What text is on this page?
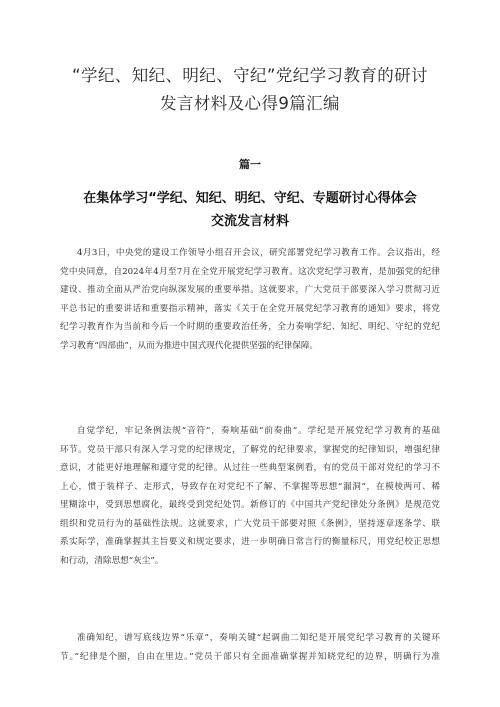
“学纪、知纪、明纪、守纪”党纪学习教育的研讨
发言材料及心得9篇汇编
篇一
在集体学习“学纪、知纪、明纪、守纪、专题研讨心得体会
交流发言材料
4月3日，中央党的建设工作领导小组召开会议，研究部署党纪学习教育工作。会议指出，经
党中央同意，自2024年4月至7月在全党开展党纪学习教育。这次党纪学习教育，是加强党的纪律
建设、推动全面从严治党向纵深发展的重要举措。这就要求，广大党员干部要深入学习贯彻习近
平总书记的重要讲话和重要指示精神，落实《关于在全党开展党纪学习教育的通知》要求，将党
纪学习教育作为当前和今后一个时期的重要政治任务，全力奏响学纪、知纪、明纪、守纪的党纪
学习教育“四部曲”，从而为推进中国式现代化提供坚强的纪律保障。
自觉学纪，牢记条例法规“音符”，奏响基础“前奏曲”。学纪是开展党纪学习教育的基础
环节。党员干部只有深入学习党的纪律规定，了解党的纪律要求，掌握党的纪律知识，增强纪律
意识，才能更好地理解和遵守党的纪律。从过往一些典型案例看，有的党员干部对党纪的学习不
上心，惯于装样子、走形式，导致存在对党纪不了解、不掌握等思想“漏洞”，在模棱两可、稀
里糊涂中，受到思想腐化，最终受到党纪处罚。新修订的《中国共产党纪律处分条例》是规范党
组织和党员行为的基础性法规。这就要求，广大党员干部要对照《条例》，坚持逐章逐条学、联
系实际学，准确掌握其主旨要义和规定要求，进一步明确日常言行的衡量标尺，用党纪校正思想
和行动，清除思想“灰尘”。
准确知纪，谱写底线边界“乐章”，奏响关键“起调曲二知纪是开展党纪学习教育的关键环
节。”纪律是个圈，自由在里边。”党员干部只有全面准确掌握并知晓党纪的边界，明确行为准
